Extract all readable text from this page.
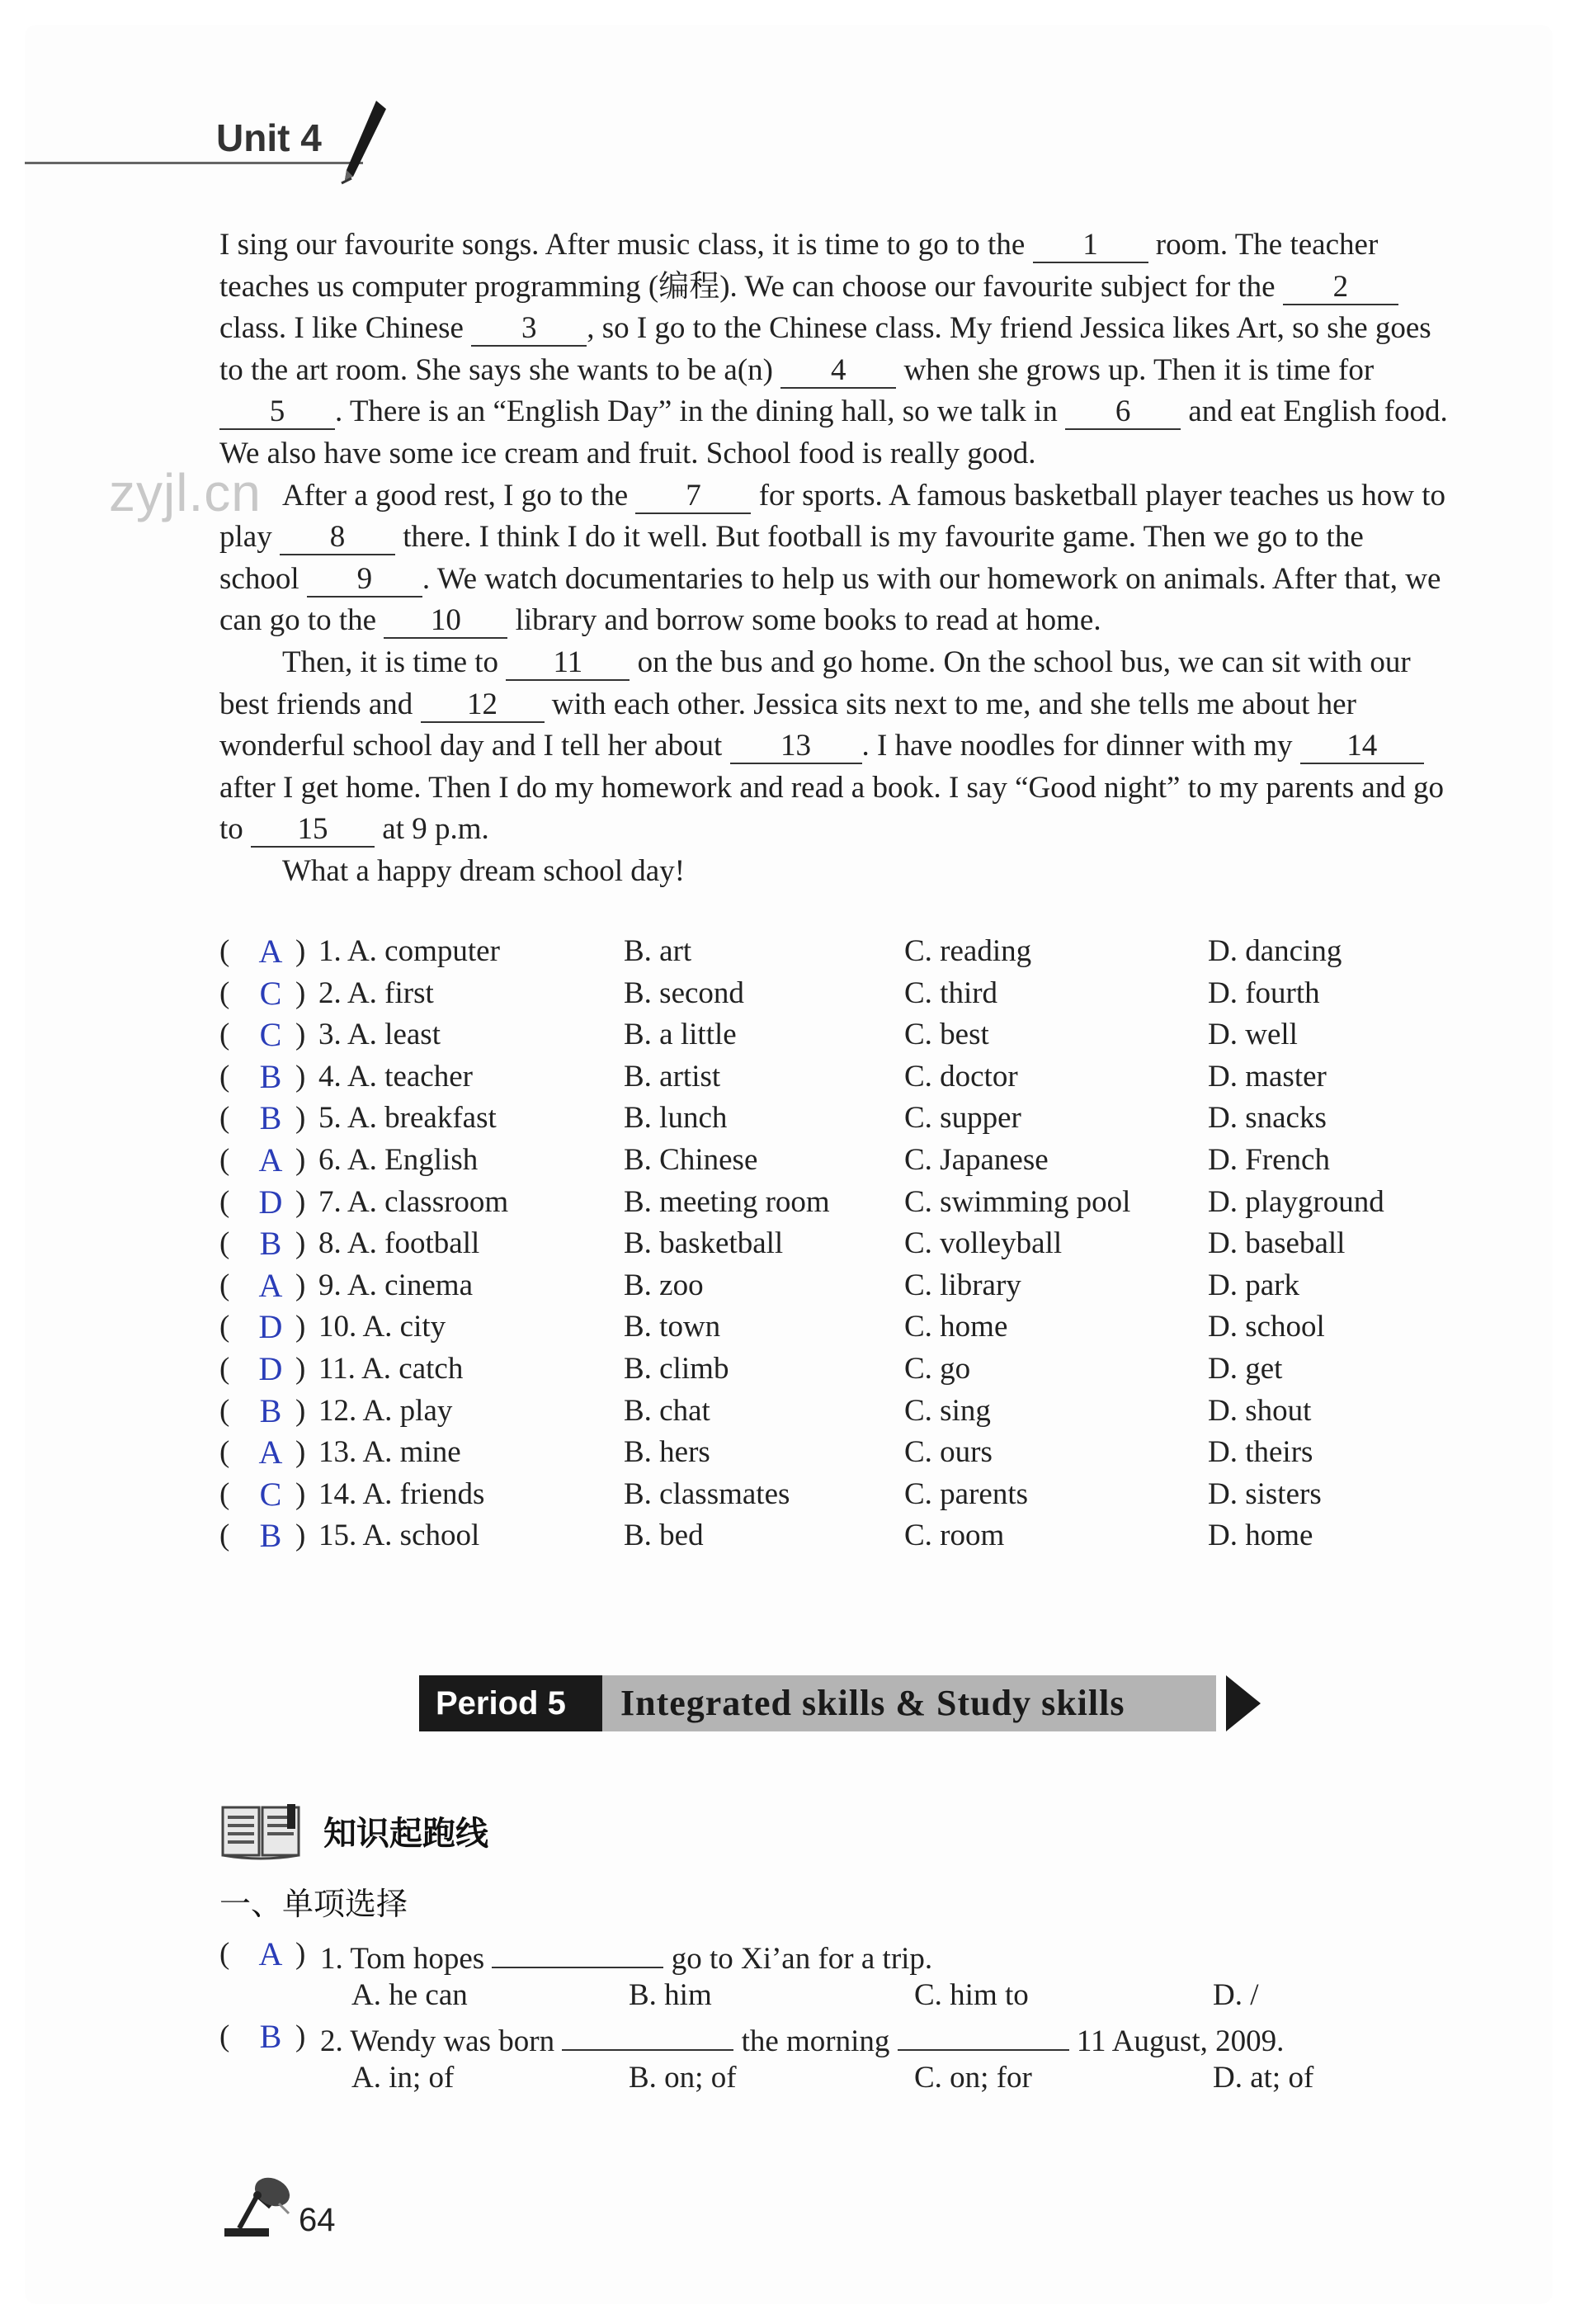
Unit 4
zyjl.cn

I sing our favourite songs. After music class, it is time to go to the 1 room. The teacher teaches us computer programming (编程). We can choose our favourite subject for the 2 class. I like Chinese 3 , so I go to the Chinese class. My friend Jessica likes Art, so she goes to the art room. She says she wants to be a(n) 4 when she grows up. Then it is time for 5 . There is an “English Day” in the dining hall, so we talk in 6 and eat English food. We also have some ice cream and fruit. School food is really good.

After a good rest, I go to the 7 for sports. A famous basketball player teaches us how to play 8 there. I think I do it well. But football is my favourite game. Then we go to the school 9 . We watch documentaries to help us with our homework on animals. After that, we can go to the 10 library and borrow some books to read at home.

Then, it is time to 11 on the bus and go home. On the school bus, we can sit with our best friends and 12 with each other. Jessica sits next to me, and she tells me about her wonderful school day and I tell her about 13 . I have noodles for dinner with my 14 after I get home. Then I do my homework and read a book. I say “Good night” to my parents and go to 15 at 9 p.m.

What a happy dream school day!

( A ) 1. A. computer	B. art	C. reading	D. dancing
( C ) 2. A. first	B. second	C. third	D. fourth
( C ) 3. A. least	B. a little	C. best	D. well
( B ) 4. A. teacher	B. artist	C. doctor	D. master
( B ) 5. A. breakfast	B. lunch	C. supper	D. snacks
( A ) 6. A. English	B. Chinese	C. Japanese	D. French
( D ) 7. A. classroom	B. meeting room C. swimming pool	D. playground
( B ) 8. A. football	B. basketball	C. volleyball	D. baseball
( A ) 9. A. cinema	B. zoo	C. library	D. park
( D ) 10. A. city	B. town	C. home	D. school
( D ) 11. A. catch	B. climb	C. go	D. get
( B ) 12. A. play	B. chat	C. sing	D. shout
( A ) 13. A. mine	B. hers	C. ours	D. theirs
( C ) 14. A. friends	B. classmates	C. parents	D. sisters
( B ) 15. A. school	B. bed	C. room	D. home
Period 5	Integrated skills & Study skills
知识起跑线
一、单项选择
( A ) 1. Tom hopes	go to Xi’an for a trip.
A. he can	B. him	C. him to	D. /
( B ) 2. Wendy was born	the morning	11 August, 2009.
A. in; of	B. on; of	C. on; for	D. at; of
64
